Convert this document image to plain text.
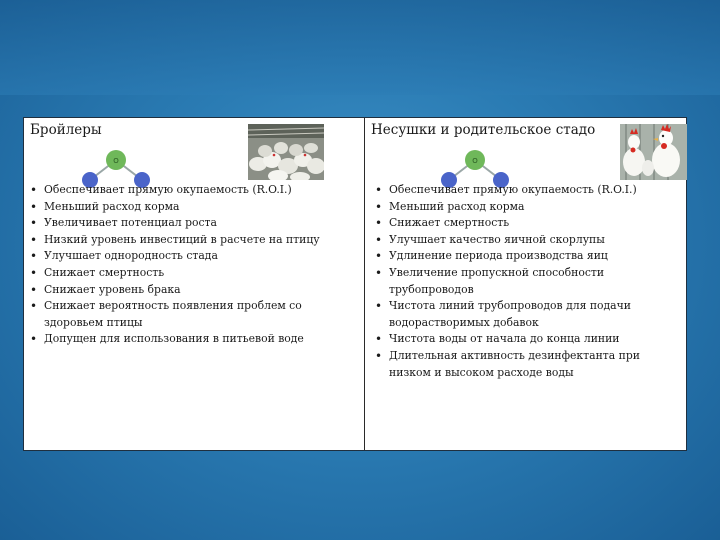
Бройлеры
O
• Обеспечивает прямую окупаемость (R.O.I.)
• Меньший расход корма
• Увеличивает потенциал роста
• Низкий уровень инвестиций в расчете на птицу
• Улучшает однородность стада
• Снижает смертность
• Снижает уровень брака
• Снижает вероятность появления проблем со здоровьем птицы
• Допущен для использования в питьевой воде
Несушки и родительское стадо
O
• Обеспечивает прямую окупаемость (R.O.I.)
• Меньший расход корма
• Снижает смертность
• Улучшает качество яичной скорлупы
• Удлинение периода производства яиц
• Увеличение пропускной способности трубопроводов
• Чистота линий трубопроводов для подачи водорастворимых добавок
• Чистота воды от начала до конца линии
• Длительная активность дезинфектанта при низком и высоком расходе воды
